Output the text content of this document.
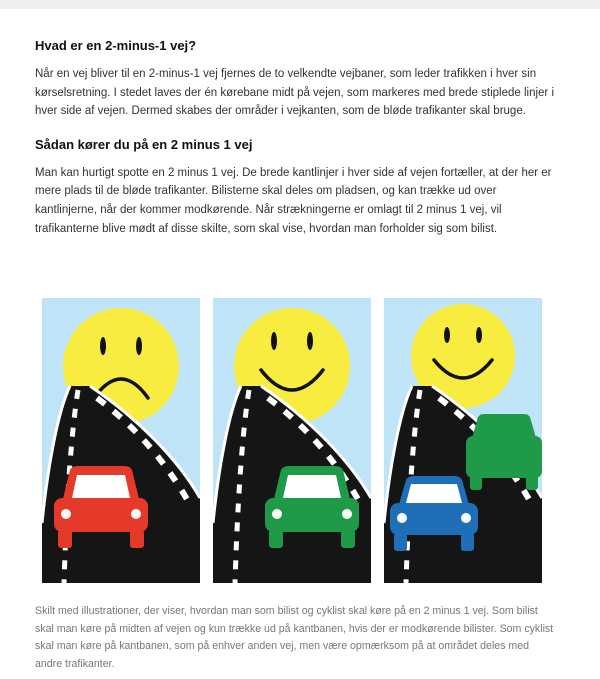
Hvad er en 2-minus-1 vej?

Når en vej bliver til en 2-minus-1 vej fjernes de to velkendte vejbaner, som leder trafikken i hver sin kørselsretning. I stedet laves der én kørebane midt på vejen, som markeres med brede stiplede linjer i hver side af vejen. Dermed skabes der områder i vejkanten, som de bløde trafikanter skal bruge.

Sådan kører du på en 2 minus 1 vej

Man kan hurtigt spotte en 2 minus 1 vej. De brede kantlinjer i hver side af vejen fortæller, at der her er mere plads til de bløde trafikanter. Bilisterne skal deles om pladsen, og kan trække ud over kantlinjerne, når der kommer modkørende. Når strækningerne er omlagt til 2 minus 1 vej, vil trafikanterne blive mødt af disse skilte, som skal vise, hvordan man forholder sig som bilist.

Skilt med illustrationer, der viser, hvordan man som bilist og cyklist skal køre på en 2 minus 1 vej. Som bilist skal man køre på midten af vejen og kun trække ud på kantbanen, hvis der er modkørende bilister. Som cyklist skal man køre på kantbanen, som på enhver anden vej, men være opmærksom på at området deles med andre trafikanter.
